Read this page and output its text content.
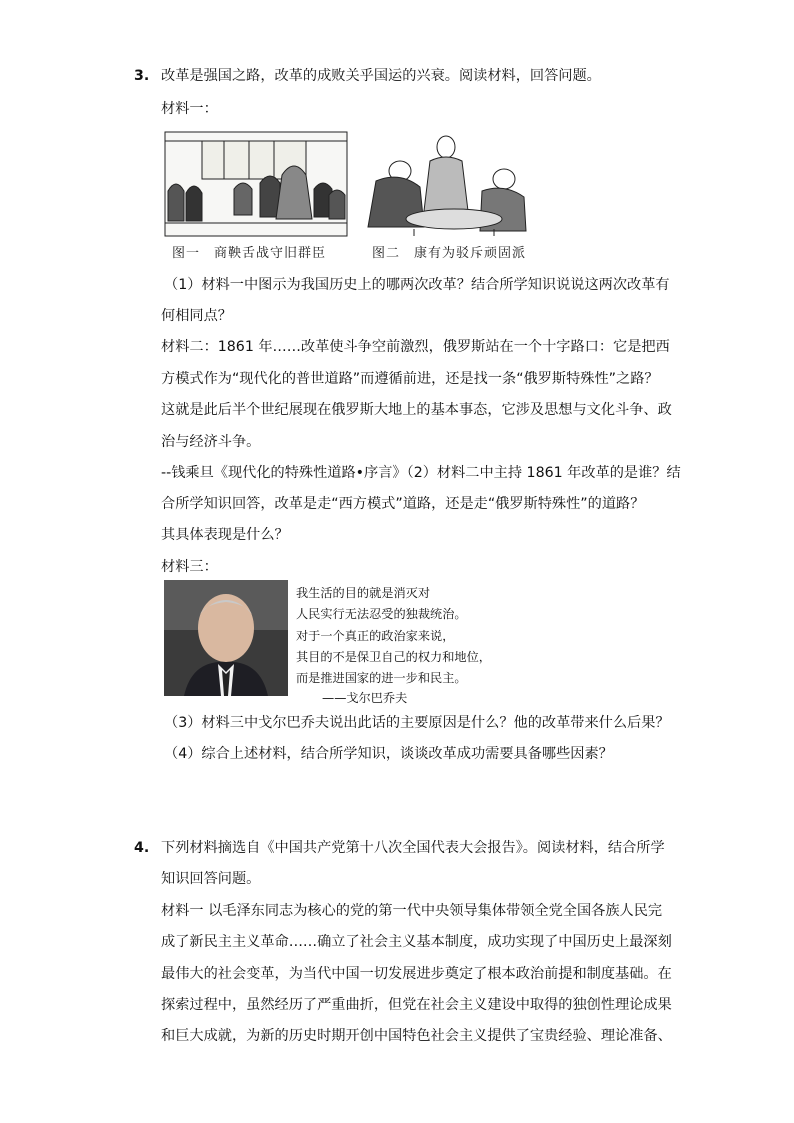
3. 改革是强国之路，改革的成败关乎国运的兴衰。阅读材料，回答问题。
材料一：
图一　商鞅舌战守旧群臣	图二　康有为驳斥顽固派
（1）材料一中图示为我国历史上的哪两次改革？结合所学知识说说这两次改革有
何相同点？
材料二：1861 年……改革使斗争空前激烈，俄罗斯站在一个十字路口：它是把西
方模式作为“现代化的普世道路”而遵循前进，还是找一条“俄罗斯特殊性”之路？
这就是此后半个世纪展现在俄罗斯大地上的基本事态，它涉及思想与文化斗争、政
治与经济斗争。
--钱乘旦《现代化的特殊性道路•序言》（2）材料二中主持 1861 年改革的是谁？结
合所学知识回答，改革是走“西方模式”道路，还是走“俄罗斯特殊性”的道路？
其具体表现是什么？
材料三：
我生活的目的就是消灭对
人民实行无法忍受的独裁统治。
对于一个真正的政治家来说，
其目的不是保卫自己的权力和地位，
而是推进国家的进一步和民主。
——戈尔巴乔夫
（3）材料三中戈尔巴乔夫说出此话的主要原因是什么？他的改革带来什么后果？
（4）综合上述材料，结合所学知识，谈谈改革成功需要具备哪些因素？
4. 下列材料摘选自《中国共产党第十八次全国代表大会报告》。阅读材料，结合所学
知识回答问题。
材料一 以毛泽东同志为核心的党的第一代中央领导集体带领全党全国各族人民完
成了新民主主义革命……确立了社会主义基本制度，成功实现了中国历史上最深刻
最伟大的社会变革，为当代中国一切发展进步奠定了根本政治前提和制度基础。在
探索过程中，虽然经历了严重曲折，但党在社会主义建设中取得的独创性理论成果
和巨大成就，为新的历史时期开创中国特色社会主义提供了宝贵经验、理论准备、
